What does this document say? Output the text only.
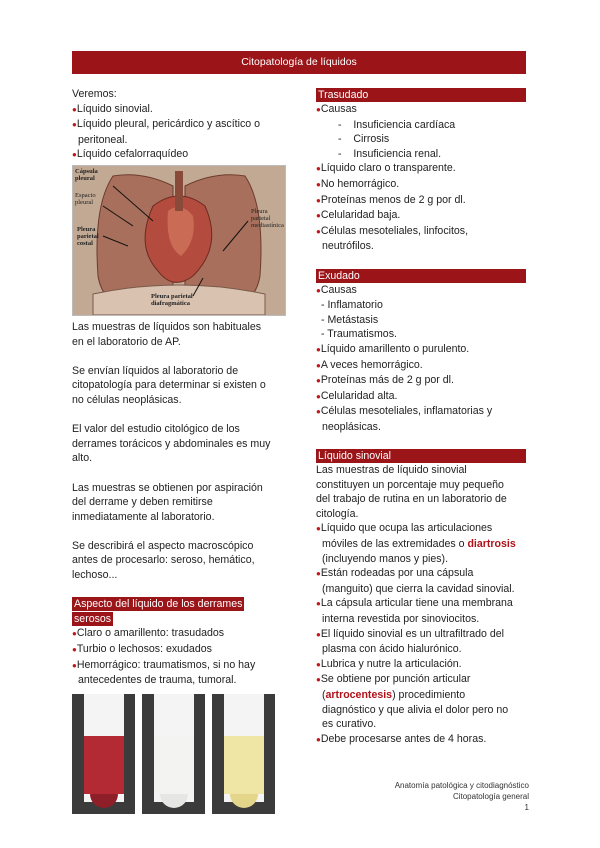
Citopatología de líquidos
Veremos:
●Líquido sinovial.
●Líquido pleural, pericárdico y ascítico o
peritoneal.
●Líquido cefalorraquídeo
Cápsula
pleural
Espacio
pleural
Pleura
parietal
costal
Pleura
parietal
mediastínica
Pleura parietal
diafragmática
Las muestras de líquidos son habituales
en el laboratorio de AP.
Se envían líquidos al laboratorio de
citopatología para determinar si existen o
no células neoplásicas.
El valor del estudio citológico de los
derrames torácicos y abdominales es muy
alto.
Las muestras se obtienen por aspiración
del derrame y deben remitirse
inmediatamente al laboratorio.
Se describirá el aspecto macroscópico
antes de procesarlo: seroso, hemático,
lechoso...
Aspecto del líquido de los derrames
serosos
●Claro o amarillento: trasudados
●Turbio o lechosos: exudados
●Hemorrágico: traumatismos, si no hay
antecedentes de trauma, tumoral.
Trasudado
●Causas
-    Insuficiencia cardíaca
-    Cirrosis
-    Insuficiencia renal.
●Líquido claro o transparente.
●No hemorrágico.
●Proteínas menos de 2 g por dl.
●Celularidad baja.
●Células mesoteliales, linfocitos,
neutrófilos.
Exudado
●Causas
- Inflamatorio
- Metástasis
- Traumatismos.
●Líquido amarillento o purulento.
●A veces hemorrágico.
●Proteínas más de 2 g por dl.
●Celularidad alta.
●Células mesoteliales, inflamatorias y
neoplásicas.
Líquido sinovial
Las muestras de líquido sinovial
constituyen un porcentaje muy pequeño
del trabajo de rutina en un laboratorio de
citología.
●Líquido que ocupa las articulaciones
móviles de las extremidades o diartrosis
(incluyendo manos y pies).
●Están rodeadas por una cápsula
(manguito) que cierra la cavidad sinovial.
●La cápsula articular tiene una membrana
interna revestida por sinoviocitos.
●El líquido sinovial es un ultrafiltrado del
plasma con ácido hialurónico.
●Lubrica y nutre la articulación.
●Se obtiene por punción articular
(artrocentesis) procedimiento
diagnóstico y que alivia el dolor pero no
es curativo.
●Debe procesarse antes de 4 horas.
Anatomía patológica y citodiagnóstico
Citopatología general
1
